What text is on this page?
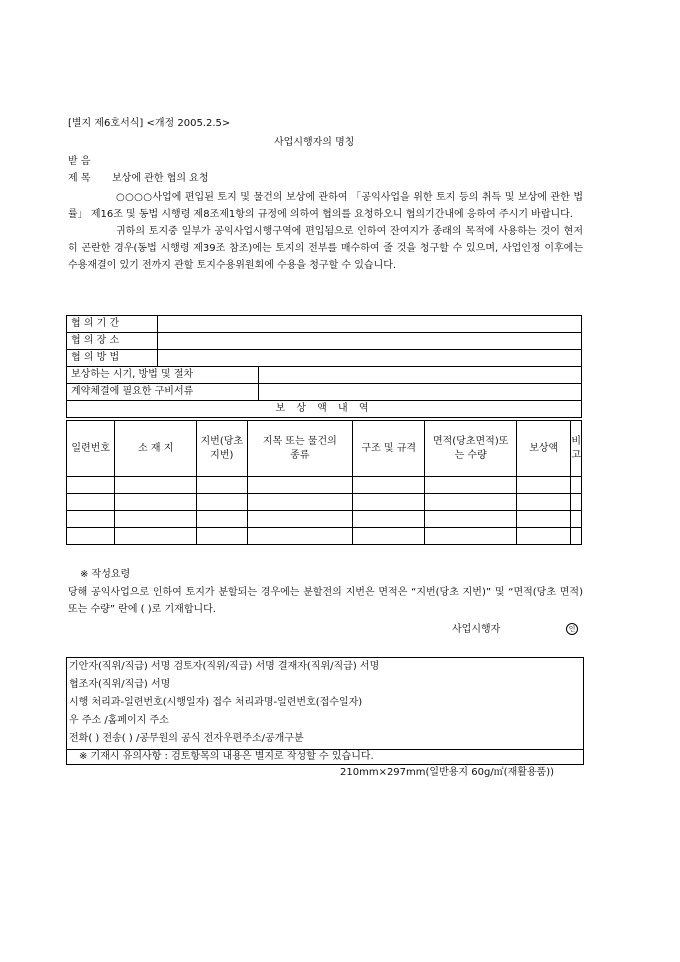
[별지 제6호서식] <개정 2005.2.5>
사업시행자의 명칭
받 음
제 목 보상에 관한 협의 요청
○○○○사업에 편입된 토지 및 물건의 보상에 관하여 「공익사업을 위한 토지 등의 취득 및 보상에 관한 법률」 제16조 및 동법 시행령 제8조제1항의 규정에 의하여 협의를 요청하오니 협의기간내에 응하여 주시기 바랍니다.
귀하의 토지중 일부가 공익사업시행구역에 편입됨으로 인하여 잔여지가 종래의 목적에 사용하는 것이 현저히 곤란한 경우(동법 시행령 제39조 참조)에는 토지의 전부를 매수하여 줄 것을 청구할 수 있으며, 사업인정 이후에는 수용재결이 있기 전까지 관할 토지수용위원회에 수용을 청구할 수 있습니다.
협 의 기 간		
협 의 장 소		
협 의 방 법		
보상하는 시기, 방법 및 절차		
계약체결에 필요한 구비서류		
보 상 액 내 역		
일련번호	소 재 지	지번(당초지번)	지목 또는 물건의 종류	구조 및 규격	면적(당초면적)또는 수량	보상액	비고

※ 작성요령
당해 공익사업으로 인하여 토지가 분할되는 경우에는 분할전의 지번은 면적은 “지번(당초 지번)” 및 “면적(당초 면적) 또는 수량” 란에 ( )로 기재합니다.
사업시행자	인
기안자(직위/직급) 서명 검토자(직위/직급) 서명 결재자(직위/직급) 서명
협조자(직위/직급) 서명
시행 처리과-일련번호(시행일자) 접수 처리과명-일련번호(접수일자)
우 주소 /홈페이지 주소
전화( ) 전송( ) /공무원의 공식 전자우편주소/공개구분
※ 기재시 유의사항 : 검토항목의 내용은 별지로 작성할 수 있습니다.
210mm×297mm(일반용지 60g/㎡(재활용품))
